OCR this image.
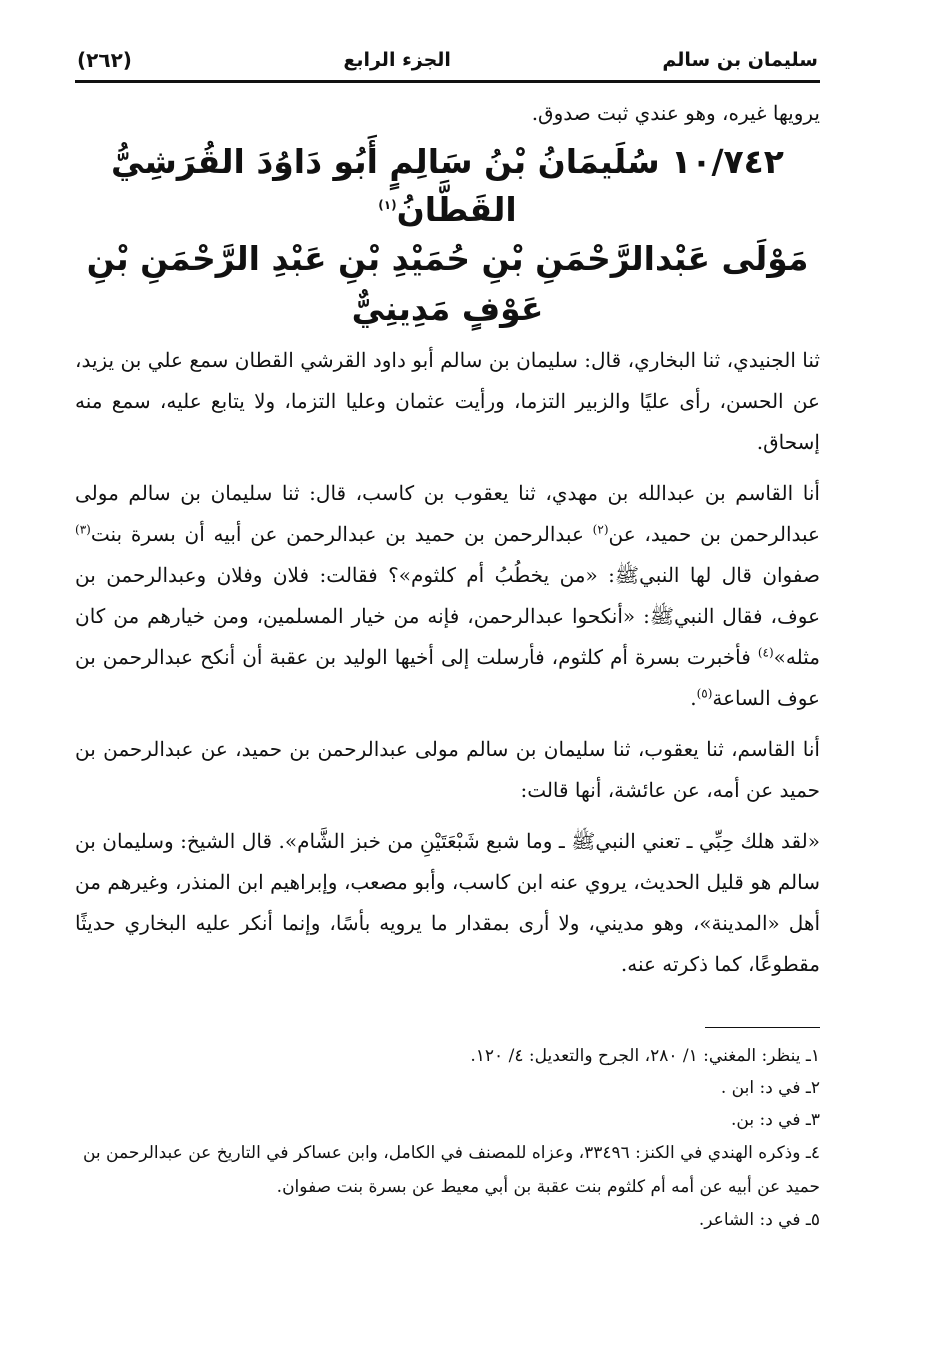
سليمان بن سالم
الجزء الرابع
(٢٦٢)

يرويها غيره، وهو عندي ثبت صدوق.

١٠/٧٤٢ سُلَيمَانُ بْنُ سَالِمٍ أَبُو دَاوُدَ القُرَشِيُّ القَطَّانُ$^{(١)}$
مَوْلَى عَبْدالرَّحْمَنِ بْنِ حُمَيْدِ بْنِ عَبْدِ الرَّحْمَنِ بْنِ عَوْفٍ مَدِينِيٌّ

ثنا الجنيدي، ثنا البخاري، قال: سليمان بن سالم أبو داود القرشي القطان سمع علي بن يزيد، عن الحسن، رأى عليًا والزبير التزما، ورأيت عثمان وعليا التزما، ولا يتابع عليه، سمع منه إسحاق.

أنا القاسم بن عبدالله بن مهدي، ثنا يعقوب بن كاسب، قال: ثنا سليمان بن سالم مولى عبدالرحمن بن حميد، عن$^{(٢)}$ عبدالرحمن بن حميد بن عبدالرحمن عن أبيه أن بسرة بنت$^{(٣)}$ صفوان قال لها النبيﷺ: «من يخطُبُ أم كلثوم»؟ فقالت: فلان وفلان وعبدالرحمن بن عوف، فقال النبيﷺ: «أنكحوا عبدالرحمن، فإنه من خيار المسلمين، ومن خيارهم من كان مثله»$^{(٤)}$ فأخبرت بسرة أم كلثوم، فأرسلت إلى أخيها الوليد بن عقبة أن أنكح عبدالرحمن بن عوف الساعة$^{(٥)}$.

أنا القاسم، ثنا يعقوب، ثنا سليمان بن سالم مولى عبدالرحمن بن حميد، عن عبدالرحمن بن حميد عن أمه، عن عائشة، أنها قالت:

«لقد هلك حِبِّي ـ تعني النبيﷺ ـ وما شبع شَبْعَتَيْنِ من خبز الشَّام». قال الشيخ: وسليمان بن سالم هو قليل الحديث، يروي عنه ابن كاسب، وأبو مصعب، وإبراهيم ابن المنذر، وغيرهم من أهل «المدينة»، وهو مديني، ولا أرى بمقدار ما يرويه بأسًا، وإنما أنكر عليه البخاري حديثًا مقطوعًا، كما ذكرته عنه.

١ـ ينظر: المغني: ١/ ٢٨٠، الجرح والتعديل: ٤/ ١٢٠.

٢ـ في د: ابن .

٣ـ في د: بن.

٤ـ وذكره الهندي في الكنز: ٣٣٤٩٦، وعزاه للمصنف في الكامل، وابن عساكر في التاريخ عن عبدالرحمن بن حميد عن أبيه عن أمه أم كلثوم بنت عقبة بن أبي معيط عن بسرة بنت صفوان.

٥ـ في د: الشاعر.
